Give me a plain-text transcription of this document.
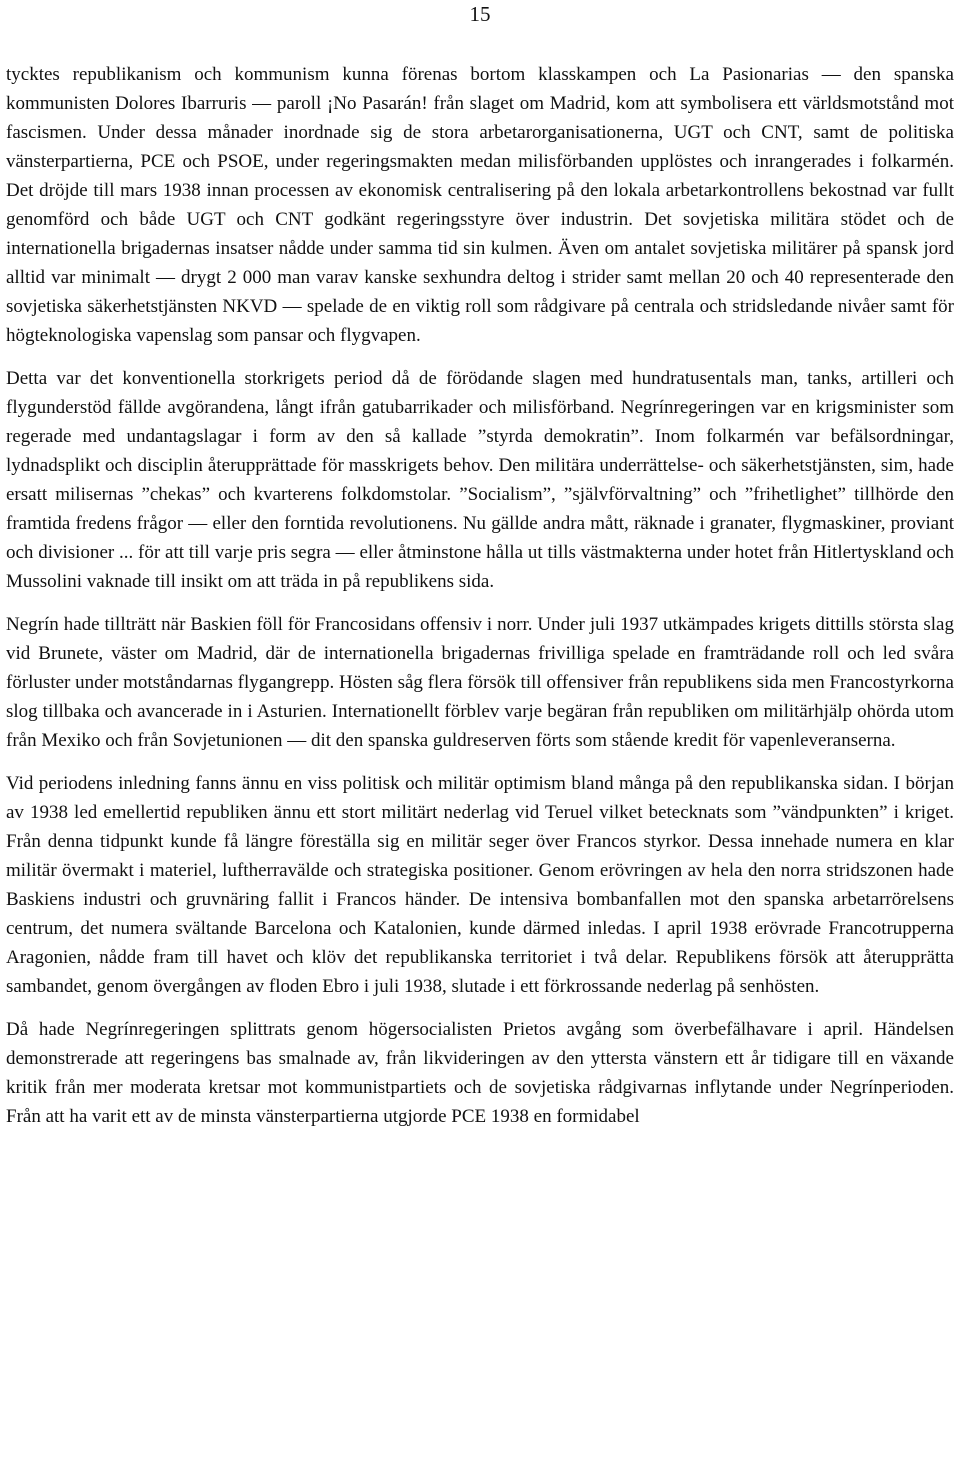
15

tycktes republikanism och kommunism kunna förenas bortom klasskampen och La Pasionarias — den spanska kommunisten Dolores Ibarruris — paroll ¡No Pasarán! från slaget om Madrid, kom att symbolisera ett världsmotstånd mot fascismen. Under dessa månader inordnade sig de stora arbetarorganisationerna, UGT och CNT, samt de politiska vänsterpartierna, PCE och PSOE, under regeringsmakten medan milisförbanden upplöstes och inrangerades i folkarmén. Det dröjde till mars 1938 innan processen av ekonomisk centralisering på den lokala arbetarkontrollens bekostnad var fullt genomförd och både UGT och CNT godkänt regeringsstyre över industrin. Det sovjetiska militära stödet och de internationella brigadernas insatser nådde under samma tid sin kulmen. Även om antalet sovjetiska militärer på spansk jord alltid var minimalt — drygt 2 000 man varav kanske sexhundra deltog i strider samt mellan 20 och 40 representerade den sovjetiska säkerhetstjänsten NKVD — spelade de en viktig roll som rådgivare på centrala och stridsledande nivåer samt för högteknologiska vapenslag som pansar och flygvapen.

Detta var det konventionella storkrigets period då de förödande slagen med hundratusentals man, tanks, artilleri och flygunderstöd fällde avgörandena, långt ifrån gatubarrikader och milisförband. Negrínregeringen var en krigsminister som regerade med undantagslagar i form av den så kallade ”styrda demokratin”. Inom folkarmén var befälsordningar, lydnadsplikt och disciplin återupprättade för masskrigets behov. Den militära underrättelse- och säkerhetstjänsten, sim, hade ersatt milisernas ”chekas” och kvarterens folkdomstolar. ”Socialism”, ”självförvaltning” och ”frihetlighet” tillhörde den framtida fredens frågor — eller den forntida revolutionens. Nu gällde andra mått, räknade i granater, flygmaskiner, proviant och divisioner ... för att till varje pris segra — eller åtminstone hålla ut tills västmakterna under hotet från Hitlertyskland och Mussolini vaknade till insikt om att träda in på republikens sida.

Negrín hade tillträtt när Baskien föll för Francosidans offensiv i norr. Under juli 1937 utkämpades krigets dittills största slag vid Brunete, väster om Madrid, där de internationella brigadernas frivilliga spelade en framträdande roll och led svåra förluster under motståndarnas flygangrepp. Hösten såg flera försök till offensiver från republikens sida men Francostyrkorna slog tillbaka och avancerade in i Asturien. Internationellt förblev varje begäran från republiken om militärhjälp ohörda utom från Mexiko och från Sovjetunionen — dit den spanska guldreserven förts som stående kredit för vapenleveranserna.

Vid periodens inledning fanns ännu en viss politisk och militär optimism bland många på den republikanska sidan. I början av 1938 led emellertid republiken ännu ett stort militärt nederlag vid Teruel vilket betecknats som ”vändpunkten” i kriget. Från denna tidpunkt kunde få längre föreställa sig en militär seger över Francos styrkor. Dessa innehade numera en klar militär övermakt i materiel, luftherravälde och strategiska positioner. Genom erövringen av hela den norra stridszonen hade Baskiens industri och gruvnäring fallit i Francos händer. De intensiva bombanfallen mot den spanska arbetarrörelsens centrum, det numera svältande Barcelona och Katalonien, kunde därmed inledas. I april 1938 erövrade Francotrupperna Aragonien, nådde fram till havet och klöv det republikanska territoriet i två delar. Republikens försök att återupprätta sambandet, genom övergången av floden Ebro i juli 1938, slutade i ett förkrossande nederlag på senhösten.

Då hade Negrínregeringen splittrats genom högersocialisten Prietos avgång som överbefälhavare i april. Händelsen demonstrerade att regeringens bas smalnade av, från likvideringen av den yttersta vänstern ett år tidigare till en växande kritik från mer moderata kretsar mot kommunistpartiets och de sovjetiska rådgivarnas inflytande under Negrínperioden. Från att ha varit ett av de minsta vänsterpartierna utgjorde PCE 1938 en formidabel
